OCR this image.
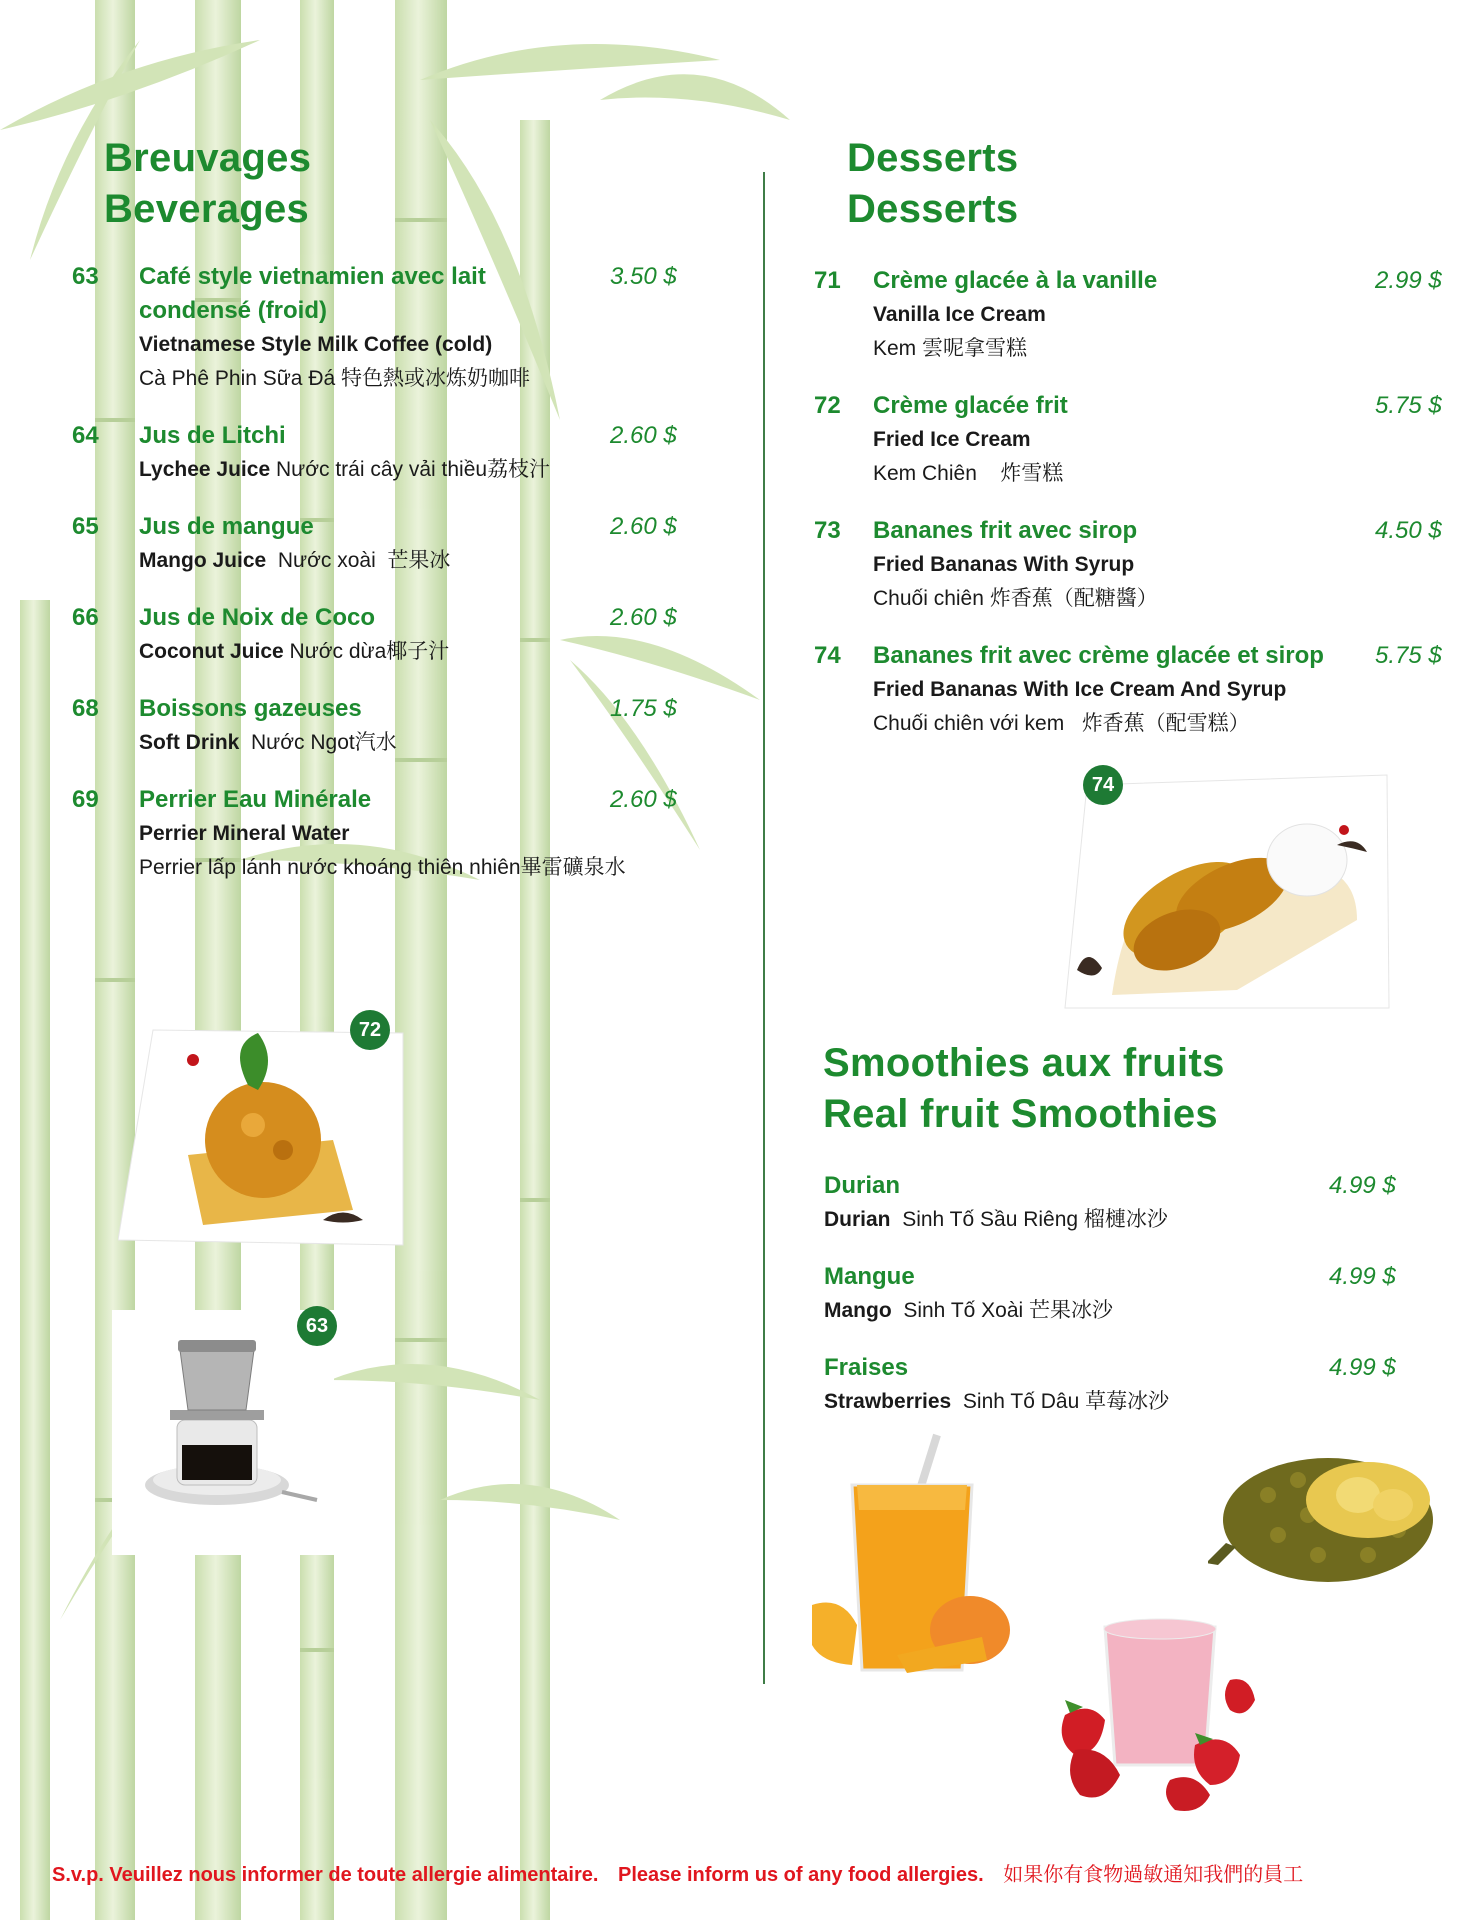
Breuvages
Beverages
63 Café style vietnamien avec lait condensé (froid)
Vietnamese Style Milk Coffee (cold)
Cà Phê Phin Sữa Đá 特色熱或冰炼奶咖啡
3.50 $
64 Jus de Litchi
Lychee Juice Nước trái cây vải thiều荔枝汁
2.60 $
65 Jus de mangue
Mango Juice Nước xoài  芒果冰
2.60 $
66 Jus de Noix de Coco
Coconut Juice Nước dừa椰子汁
2.60 $
68 Boissons gazeuses
Soft Drink Nước Ngot汽水
1.75 $
69 Perrier Eau Minérale
Perrier Mineral Water
Perrier lấp lánh nước khoáng thiên nhiên畢雷礦泉水
2.60 $
Desserts
Desserts
71 Crème glacée à la vanille
Vanilla Ice Cream
Kem 雲呢拿雪糕
2.99 $
72 Crème glacée frit
Fried Ice Cream
Kem Chiên    炸雪糕
5.75 $
73 Bananes frit avec sirop
Fried Bananas With Syrup
Chuối chiên 炸香蕉（配糖醬）
4.50 $
74 Bananes frit avec crème glacée et sirop
Fried Bananas With Ice Cream And Syrup
Chuối chiên với kem   炸香蕉（配雪糕）
5.75 $
74
72
63
Smoothies aux fruits
Real fruit Smoothies
Durian
Durian Sinh Tố Sầu Riêng 榴槤冰沙
4.99 $
Mangue
Mango Sinh Tố Xoài 芒果冰沙
4.99 $
Fraises
Strawberries Sinh Tố Dâu 草莓冰沙
4.99 $
S.v.p. Veuillez nous informer de toute allergie alimentaire. Please inform us of any food allergies. 如果你有食物過敏通知我們的員工
